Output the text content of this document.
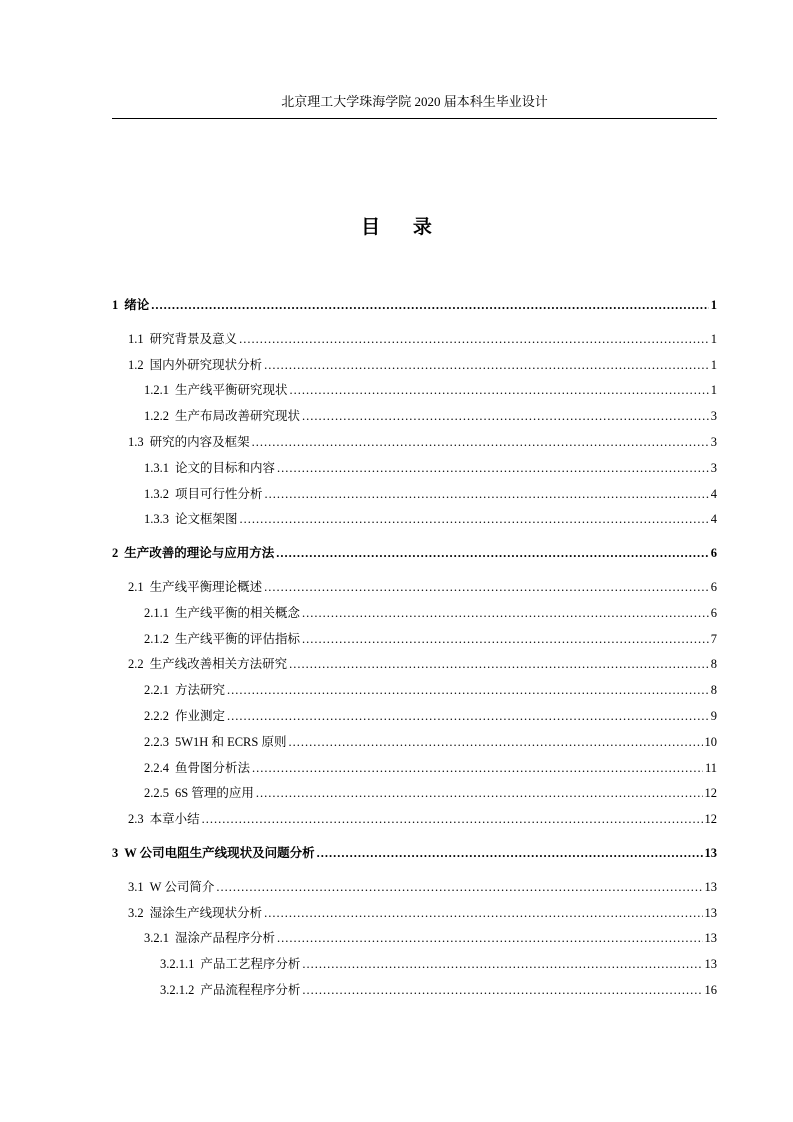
北京理工大学珠海学院 2020 届本科生毕业设计
目 录
1 绪论 .....	1
1.1 研究背景及意义 .....	1
1.2 国内外研究现状分析 .....	1
1.2.1 生产线平衡研究现状 .....	1
1.2.2 生产布局改善研究现状 .....	3
1.3 研究的内容及框架 .....	3
1.3.1 论文的目标和内容 .....	3
1.3.2 项目可行性分析 .....	4
1.3.3 论文框架图 .....	4
2 生产改善的理论与应用方法 .....	6
2.1 生产线平衡理论概述 .....	6
2.1.1 生产线平衡的相关概念 .....	6
2.1.2 生产线平衡的评估指标 .....	7
2.2 生产线改善相关方法研究 .....	8
2.2.1 方法研究 .....	8
2.2.2 作业测定 .....	9
2.2.3 5W1H 和 ECRS 原则 .....	10
2.2.4 鱼骨图分析法 .....	11
2.2.5 6S 管理的应用 .....	12
2.3 本章小结 .....	12
3 W 公司电阻生产线现状及问题分析 .....	13
3.1 W 公司简介 .....	13
3.2 湿涂生产线现状分析 .....	13
3.2.1 湿涂产品程序分析 .....	13
3.2.1.1 产品工艺程序分析 .....	13
3.2.1.2 产品流程程序分析 .....	16
